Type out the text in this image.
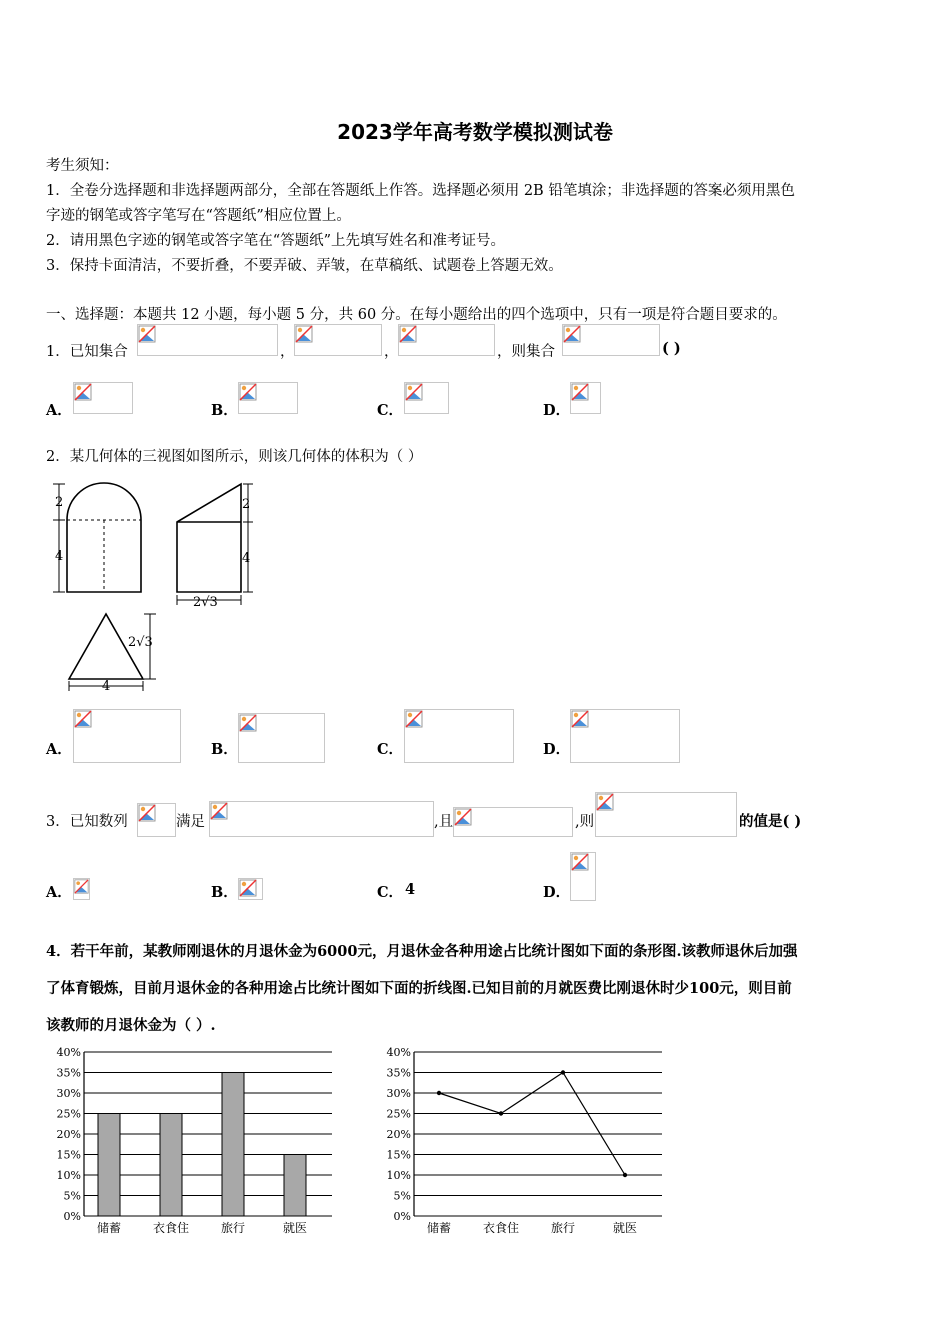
2023学年高考数学模拟测试卷
考生须知：
1．全卷分选择题和非选择题两部分，全部在答题纸上作答。选择题必须用 2B 铅笔填涂；非选择题的答案必须用黑色
字迹的钢笔或答字笔写在“答题纸”相应位置上。
2．请用黑色字迹的钢笔或答字笔在“答题纸”上先填写姓名和准考证号。
3．保持卡面清洁，不要折叠，不要弄破、弄皱，在草稿纸、试题卷上答题无效。
一、选择题：本题共 12 小题，每小题 5 分，共 60 分。在每小题给出的四个选项中，只有一项是符合题目要求的。
1．已知集合	，	，	，则集合	( )
A．	B．	C．	D．
2．某几何体的三视图如图所示，则该几何体的体积为（ ）
2
4
2
4
2√3
2√3
4
A．	B．	C．	D．
3．已知数列	满足	,且	,则	的值是( )
A．	B．	C． 4	D．
4．若干年前，某教师刚退休的月退休金为6000元，月退休金各种用途占比统计图如下面的条形图.该教师退休后加强
了体育锻炼，目前月退休金的各种用途占比统计图如下面的折线图.已知目前的月就医费比刚退休时少100元，则目前
该教师的月退休金为（ ）.
0%
5%
10%
15%
20%
25%
30%
35%
40%
储蓄	衣食住	旅行	就医
0%
5%
10%
15%
20%
25%
30%
35%
40%
储蓄	衣食住	旅行	就医
